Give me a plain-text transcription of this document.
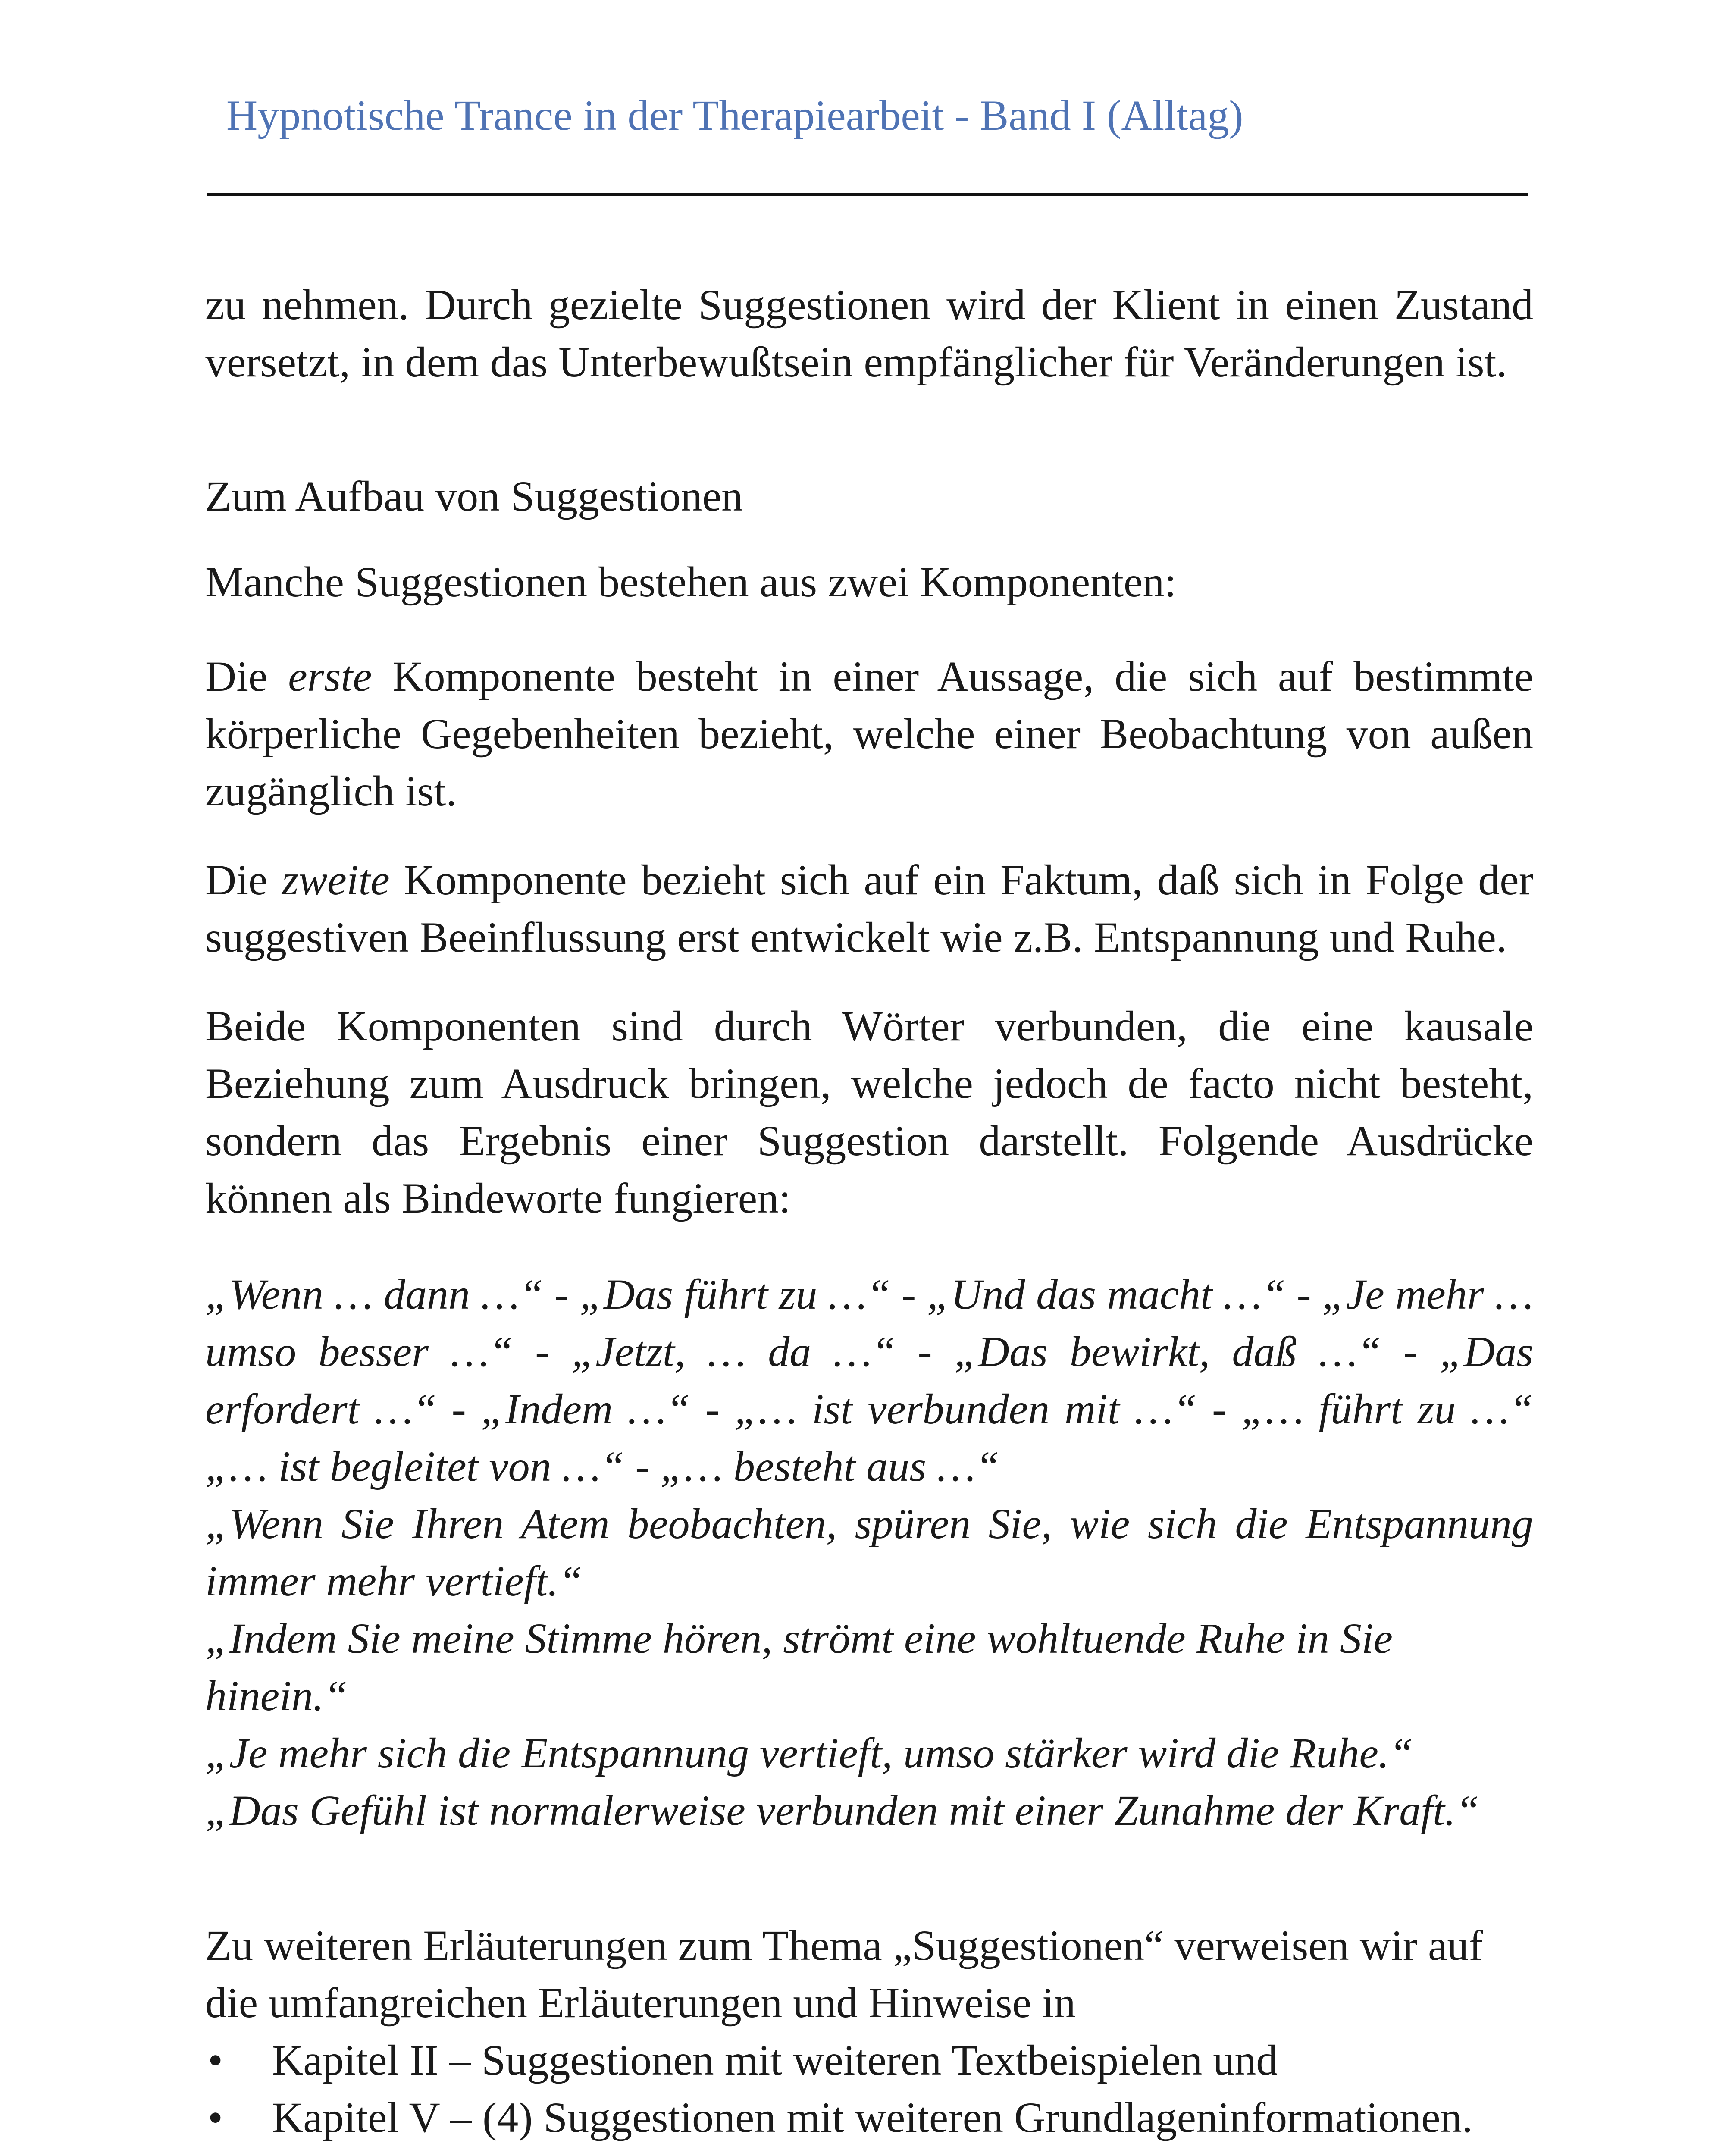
Hypnotische Trance in der Therapiearbeit - Band I (Alltag)

zu nehmen. Durch gezielte Suggestionen wird der Klient in einen Zustand versetzt, in dem das Unterbewußtsein empfänglicher für Veränderungen ist.

Zum Aufbau von Suggestionen

Manche Suggestionen bestehen aus zwei Komponenten:

Die erste Komponente besteht in einer Aussage, die sich auf bestimmte körperliche Gegebenheiten bezieht, welche einer Beobachtung von außen zugänglich ist.

Die zweite Komponente bezieht sich auf ein Faktum, daß sich in Folge der suggestiven Beeinflussung erst entwickelt wie z.B. Entspannung und Ruhe.

Beide Komponenten sind durch Wörter verbunden, die eine kausale Beziehung zum Ausdruck bringen, welche jedoch de facto nicht besteht, sondern das Ergebnis einer Suggestion darstellt. Folgende Ausdrücke können als Bindeworte fungieren:

„Wenn … dann …“ - „Das führt zu …“ - „Und das macht …“ - „Je mehr … umso besser …“ - „Jetzt, … da …“ - „Das bewirkt, daß …“ - „Das erfordert …“ - „Indem …“ - „… ist verbunden mit …“ - „… führt zu …“ „… ist begleitet von …“ - „… besteht aus …“

„Wenn Sie Ihren Atem beobachten, spüren Sie, wie sich die Entspannung immer mehr vertieft.“

„Indem Sie meine Stimme hören, strömt eine wohltuende Ruhe in Sie hinein.“
„Je mehr sich die Entspannung vertieft, umso stärker wird die Ruhe.“
„Das Gefühl ist normalerweise verbunden mit einer Zunahme der Kraft.“

Zu weiteren Erläuterungen zum Thema „Suggestionen“ verweisen wir auf die umfangreichen Erläuterungen und Hinweise in

• Kapitel II – Suggestionen mit weiteren Textbeispielen und
• Kapitel V – (4) Suggestionen mit weiteren Grundlageninformationen.
